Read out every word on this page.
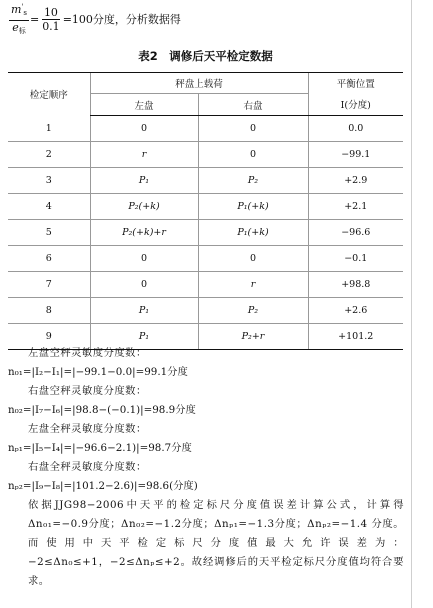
$\frac{m'_s}{e_标} = \frac{10}{0.1} =100$分度，分析数据得
表2　调修后天平检定数据
检定顺序	秤盘上载荷		平衡位置
	左盘	右盘	I(分度)
1	0	0	0.0
2	r	0	−99.1
3	P₁	P₂	+2.9
4	P₂(+k)	P₁(+k)	+2.1
5	P₂(+k)+r	P₁(+k)	−96.6
6	0	0	−0.1
7	0	r	+98.8
8	P₁	P₂	+2.6
9	P₁	P₂+r	+101.2

左盘空秤灵敏度分度数：

n₀₁=|I₂−I₁|=|−99.1−0.0|=99.1分度

右盘空秤灵敏度分度数：

n₀₂=|I₇−I₆|=|98.8−(−0.1)|=98.9分度

左盘全秤灵敏度分度数：

nₚ₁=|I₅−I₄|=|−96.6−2.1)|=98.7分度

右盘全秤灵敏度分度数：

nₚ₂=|I₉−I₈|=|101.2−2.6)|=98.6(分度)

依据JJG98−2006中天平的检定标尺分度值误差计算公式，计算得Δn₀₁=−0.9分度；Δn₀₂=−1.2分度；Δnₚ₁=−1.3分度；Δnₚ₂=−1.4 分度。而使用中天平检定标尺分度值最大允许误差为：−2≤Δn₀≤+1，−2≤Δnₚ≤+2。故经调修后的天平检定标尺分度值均符合要求。
